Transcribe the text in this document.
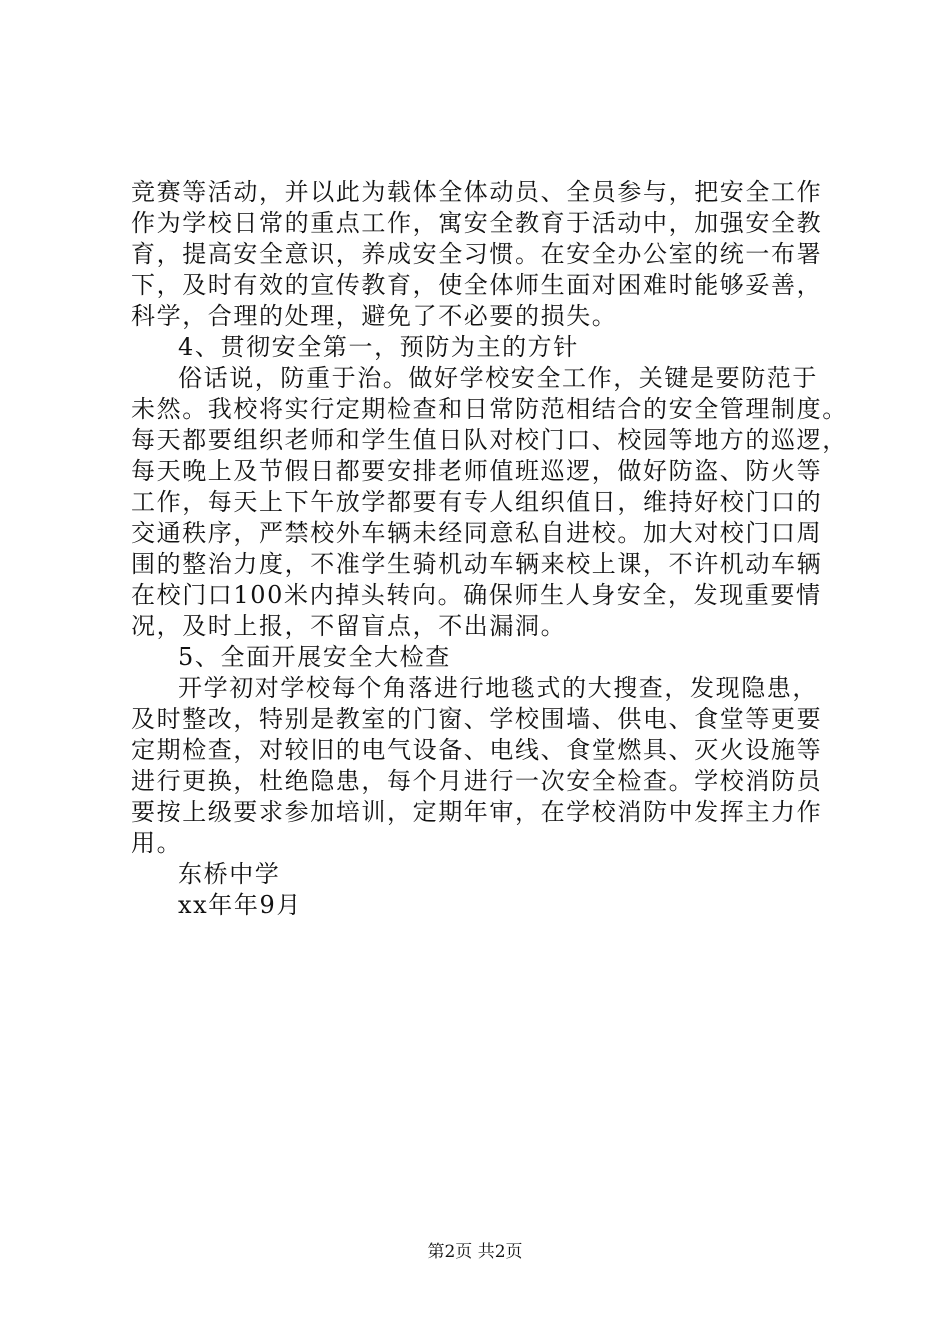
竞赛等活动，并以此为载体全体动员、全员参与，把安全工作
作为学校日常的重点工作，寓安全教育于活动中，加强安全教
育，提高安全意识，养成安全习惯。在安全办公室的统一布署
下，及时有效的宣传教育，使全体师生面对困难时能够妥善，
科学，合理的处理，避免了不必要的损失。
4、贯彻安全第一，预防为主的方针
俗话说，防重于治。做好学校安全工作，关键是要防范于
未然。我校将实行定期检查和日常防范相结合的安全管理制度。
每天都要组织老师和学生值日队对校门口、校园等地方的巡逻，
每天晚上及节假日都要安排老师值班巡逻，做好防盗、防火等
工作，每天上下午放学都要有专人组织值日，维持好校门口的
交通秩序，严禁校外车辆未经同意私自进校。加大对校门口周
围的整治力度，不准学生骑机动车辆来校上课，不许机动车辆
在校门口100米内掉头转向。确保师生人身安全，发现重要情
况，及时上报，不留盲点，不出漏洞。
5、全面开展安全大检查
开学初对学校每个角落进行地毯式的大搜查，发现隐患，
及时整改，特别是教室的门窗、学校围墙、供电、食堂等更要
定期检查，对较旧的电气设备、电线、食堂燃具、灭火设施等
进行更换，杜绝隐患，每个月进行一次安全检查。学校消防员
要按上级要求参加培训，定期年审，在学校消防中发挥主力作
用。
东桥中学
xx年年9月
第2页 共2页
